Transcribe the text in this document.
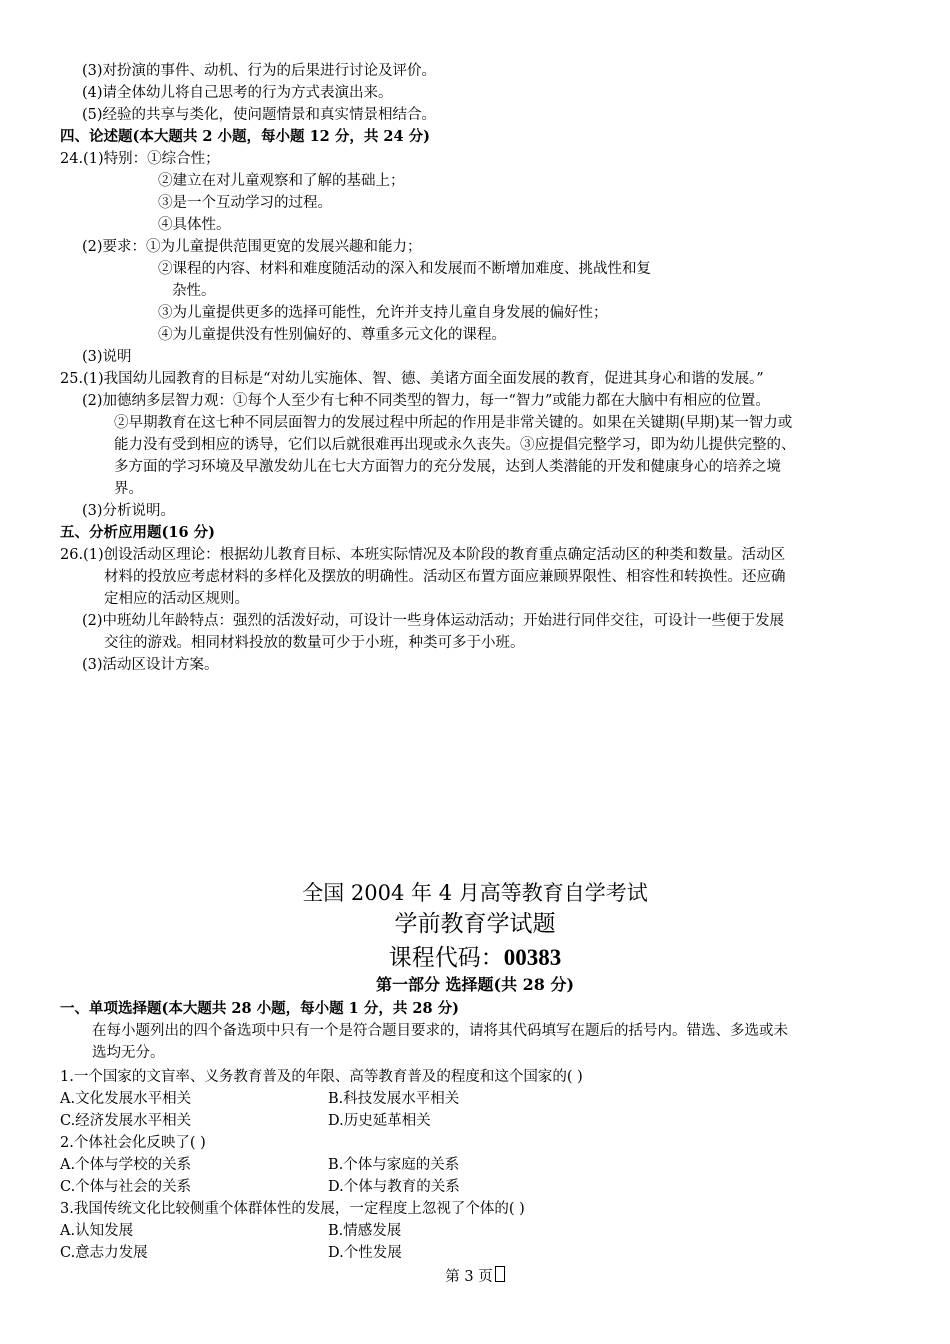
(3)对扮演的事件、动机、行为的后果进行讨论及评价。
(4)请全体幼儿将自己思考的行为方式表演出来。
(5)经验的共享与类化，使问题情景和真实情景相结合。
四、论述题(本大题共 2 小题，每小题 12 分，共 24 分)
24.(1)特别：①综合性；
②建立在对儿童观察和了解的基础上；
③是一个互动学习的过程。
④具体性。
(2)要求：①为儿童提供范围更宽的发展兴趣和能力；
②课程的内容、材料和难度随活动的深入和发展而不断增加难度、挑战性和复
杂性。
③为儿童提供更多的选择可能性，允许并支持儿童自身发展的偏好性；
④为儿童提供没有性别偏好的、尊重多元文化的课程。
(3)说明
25.(1)我国幼儿园教育的目标是“对幼儿实施体、智、德、美诸方面全面发展的教育，促进其身心和谐的发展。”
(2)加德纳多层智力观：①每个人至少有七种不同类型的智力，每一“智力”或能力都在大脑中有相应的位置。
②早期教育在这七种不同层面智力的发展过程中所起的作用是非常关键的。如果在关键期(早期)某一智力或
能力没有受到相应的诱导，它们以后就很难再出现或永久丧失。③应提倡完整学习，即为幼儿提供完整的、
多方面的学习环境及早激发幼儿在七大方面智力的充分发展，达到人类潜能的开发和健康身心的培养之境
界。
(3)分析说明。
五、分析应用题(16 分)
26.(1)创设活动区理论：根据幼儿教育目标、本班实际情况及本阶段的教育重点确定活动区的种类和数量。活动区
材料的投放应考虑材料的多样化及摆放的明确性。活动区布置方面应兼顾界限性、相容性和转换性。还应确
定相应的活动区规则。
(2)中班幼儿年龄特点：强烈的活泼好动，可设计一些身体运动活动；开始进行同伴交往，可设计一些便于发展
交往的游戏。相同材料投放的数量可少于小班，种类可多于小班。
(3)活动区设计方案。
全国 2004 年 4 月高等教育自学考试
学前教育学试题
课程代码：00383
第一部分 选择题(共 28 分)
一、单项选择题(本大题共 28 小题，每小题 1 分，共 28 分)
在每小题列出的四个备选项中只有一个是符合题目要求的，请将其代码填写在题后的括号内。错选、多选或未
选均无分。
1.一个国家的文盲率、义务教育普及的年限、高等教育普及的程度和这个国家的( )
A.文化发展水平相关	B.科技发展水平相关
C.经济发展水平相关	D.历史延革相关
2.个体社会化反映了( )
A.个体与学校的关系	B.个体与家庭的关系
C.个体与社会的关系	D.个体与教育的关系
3.我国传统文化比较侧重个体群体性的发展，一定程度上忽视了个体的( )
A.认知发展	B.情感发展
C.意志力发展	D.个性发展
第 3 页
